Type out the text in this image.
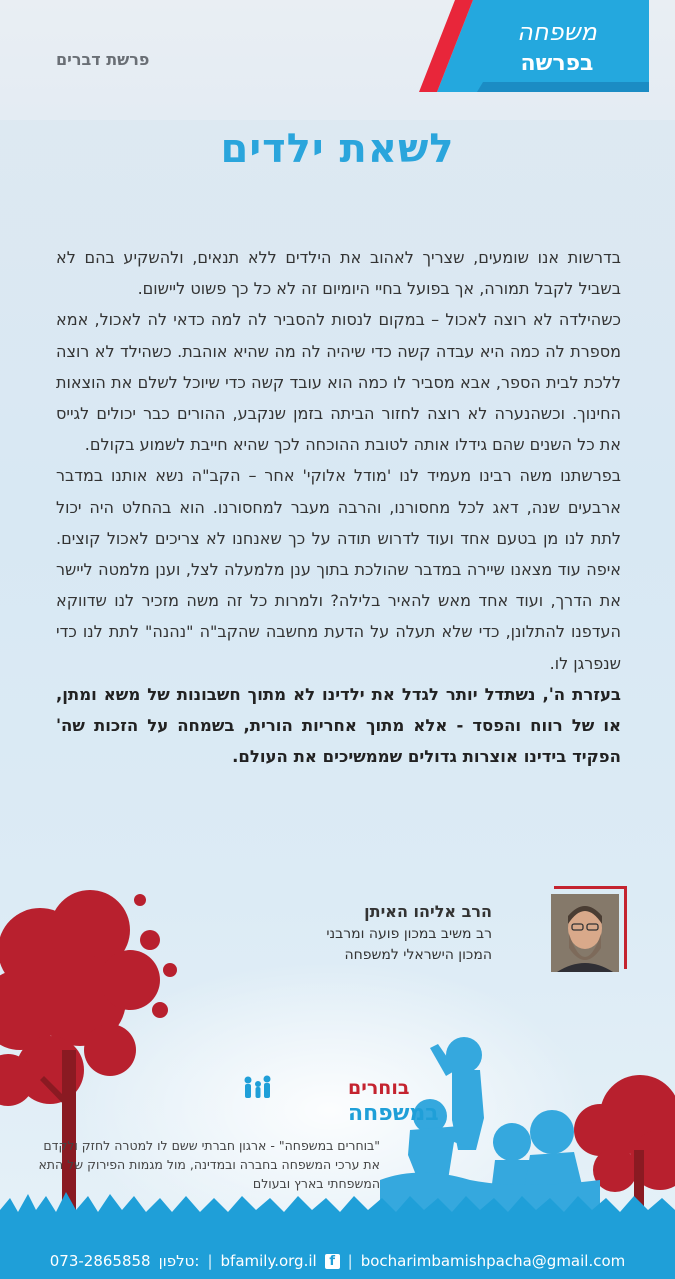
משפחה
בפרשה
פרשת דברים
לשאת ילדים

בדרשות אנו שומעים, שצריך לאהוב את הילדים ללא תנאים, ולהשקיע בהם לא בשביל לקבל תמורה, אך בפועל בחיי היומיום זה לא כל כך פשוט ליישום.

כשהילדה לא רוצה לאכול – במקום לנסות להסביר לה למה כדאי לה לאכול, אמא מספרת לה כמה היא עבדה קשה כדי שיהיה לה מה שהיא אוהבת. כשהילד לא רוצה ללכת לבית הספר, אבא מסביר לו כמה הוא עובד קשה כדי שיוכל לשלם את הוצאות החינוך. וכשהנערה לא רוצה לחזור הביתה בזמן שנקבע, ההורים כבר יכולים לגייס את כל השנים שהם גידלו אותה לטובת ההוכחה לכך שהיא חייבת לשמוע בקולם.

בפרשתנו משה רבינו מעמיד לנו 'מודל אלוקי' אחר – הקב"ה נשא אותנו במדבר ארבעים שנה, דאג לכל מחסורנו, והרבה מעבר למחסורנו. הוא בהחלט היה יכול לתת לנו מן בטעם אחד ועוד לדרוש תודה על כך שאנחנו לא צריכים לאכול קוצים. איפה עוד מצאנו שיירה במדבר שהולכת בתוך ענן מלמעלה לצל, וענן מלמטה ליישר את הדרך, ועוד אחד מאש להאיר בלילה? ולמרות כל זה משה מזכיר לנו שדווקא העדפנו להתלונן, כדי שלא תעלה על הדעת מחשבה שהקב"ה "נהנה" לתת לנו כדי שנפרגן לו.

בעזרת ה', נשתדל יותר לגדל את ילדינו לא מתוך חשבונות של משא ומתן, או של רווח והפסד - אלא מתוך אחריות הורית, בשמחה על הזכות שה' הפקיד בידינו אוצרות גדולים שממשיכים את העולם.

הרב אליהו האיתן
רב משיב במכון פועה ומרבני
המכון הישראלי למשפחה
בוחרים
במשפחה
"בוחרים במשפחה" - ארגון חברתי ששם לו למטרה לחזק ולקדם את ערכי המשפחה בחברה ובמדינה, מול מגמות הפירוק של התא המשפחתי בארץ ובעולם
bocharimbamishpacha@gmail.com
|
f
bfamily.org.il
|
טלפון:
073-2865858
